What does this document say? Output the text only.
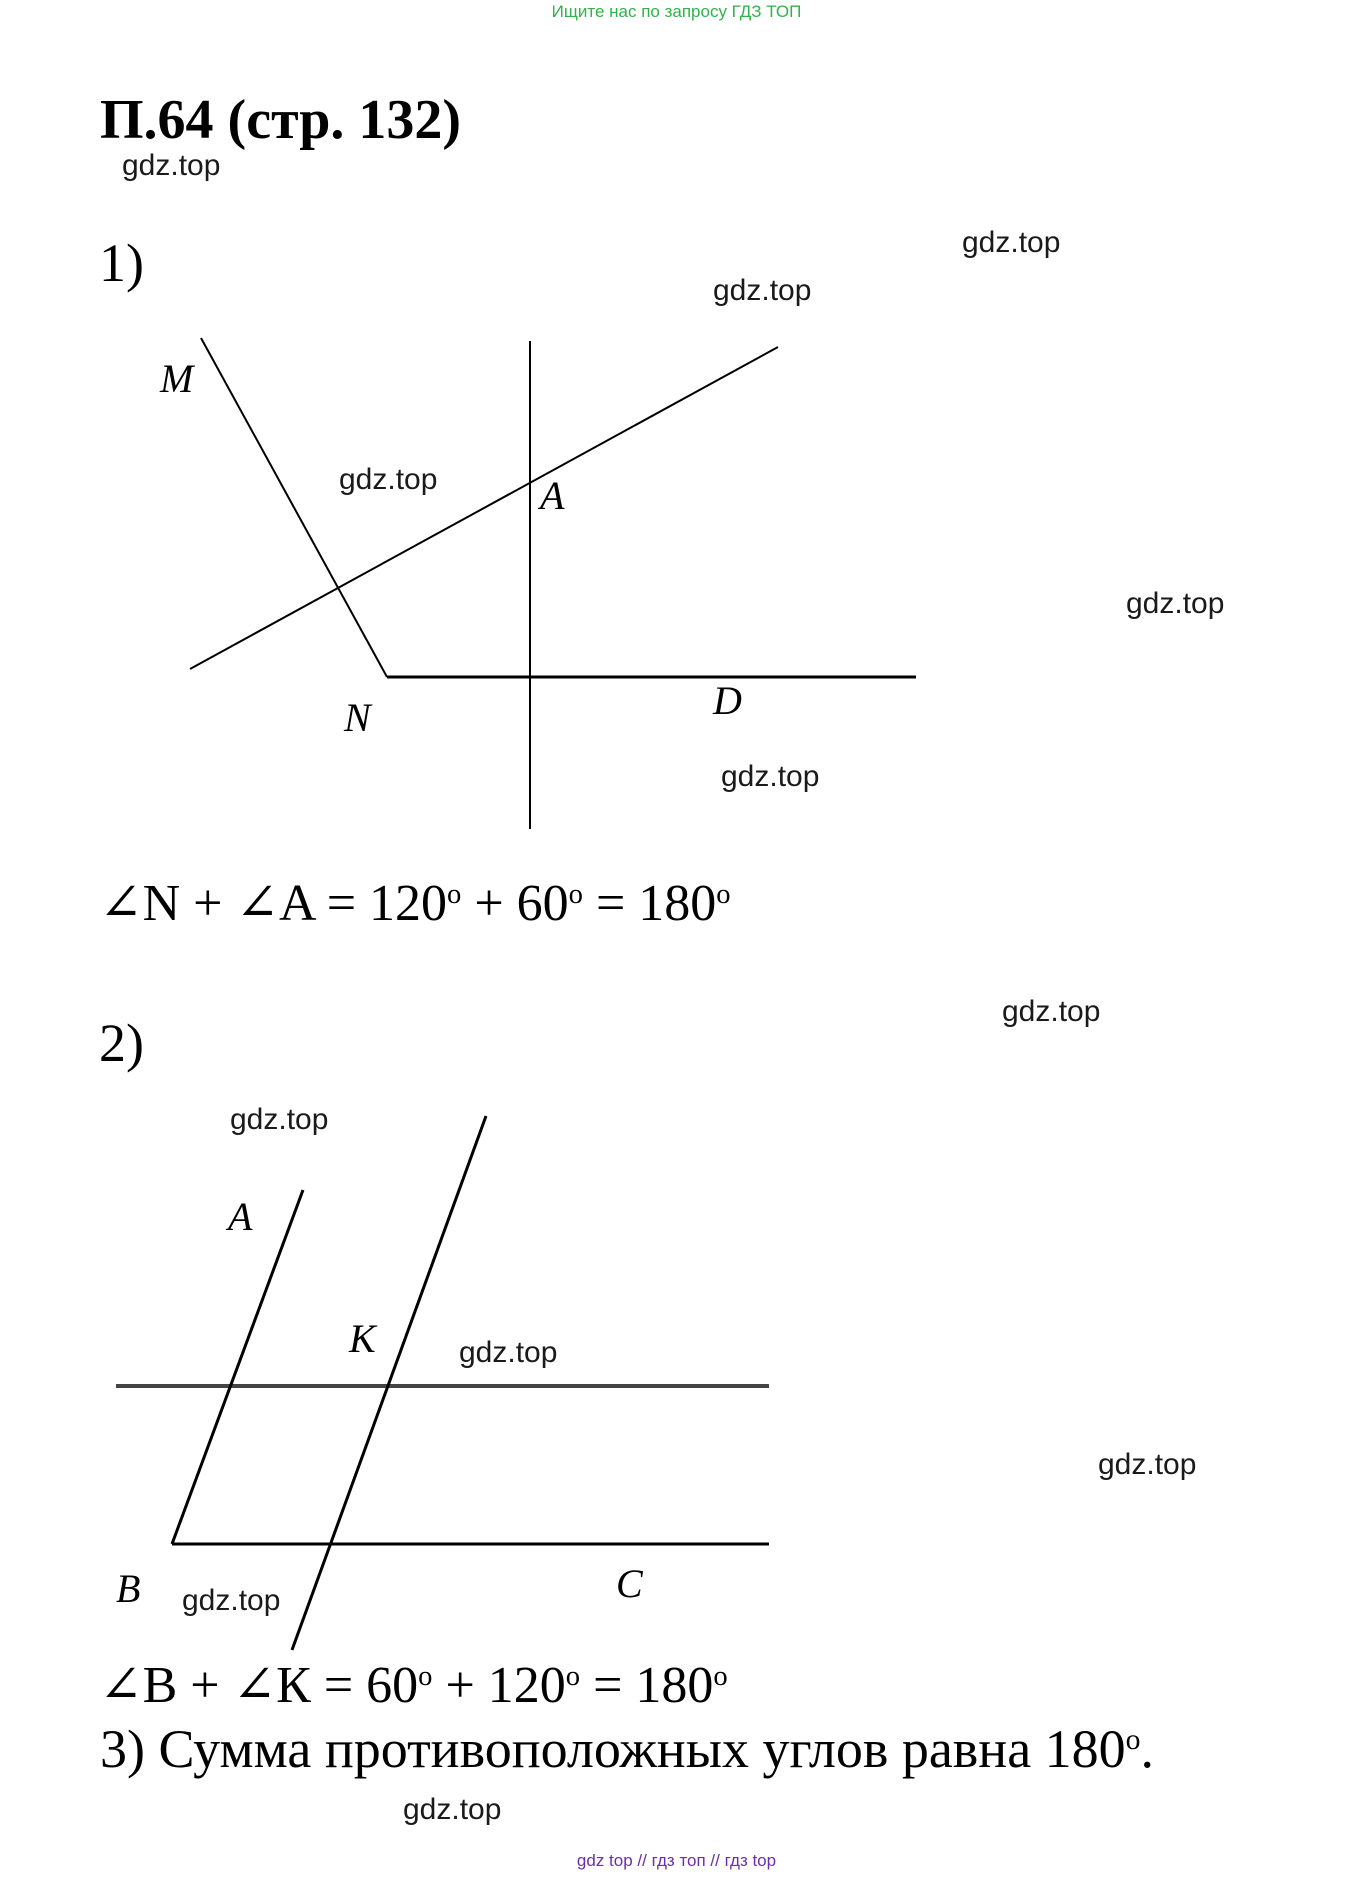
Ищите нас по запросу ГДЗ ТОП
П.64 (стр. 132)
gdz.top
gdz.top
gdz.top
gdz.top
gdz.top
gdz.top
gdz.top
gdz.top
gdz.top
gdz.top
gdz.top
gdz.top
1)
M
A
N	D
∠N + ∠A = $120^o + 60^o = 180^o$
2)
A
К
B	C
∠B + ∠К = $60^o + 120^o = 180^o$
3) Сумма противоположных углов равна 180$^o$.
gdz top // гдз топ // гдз top
